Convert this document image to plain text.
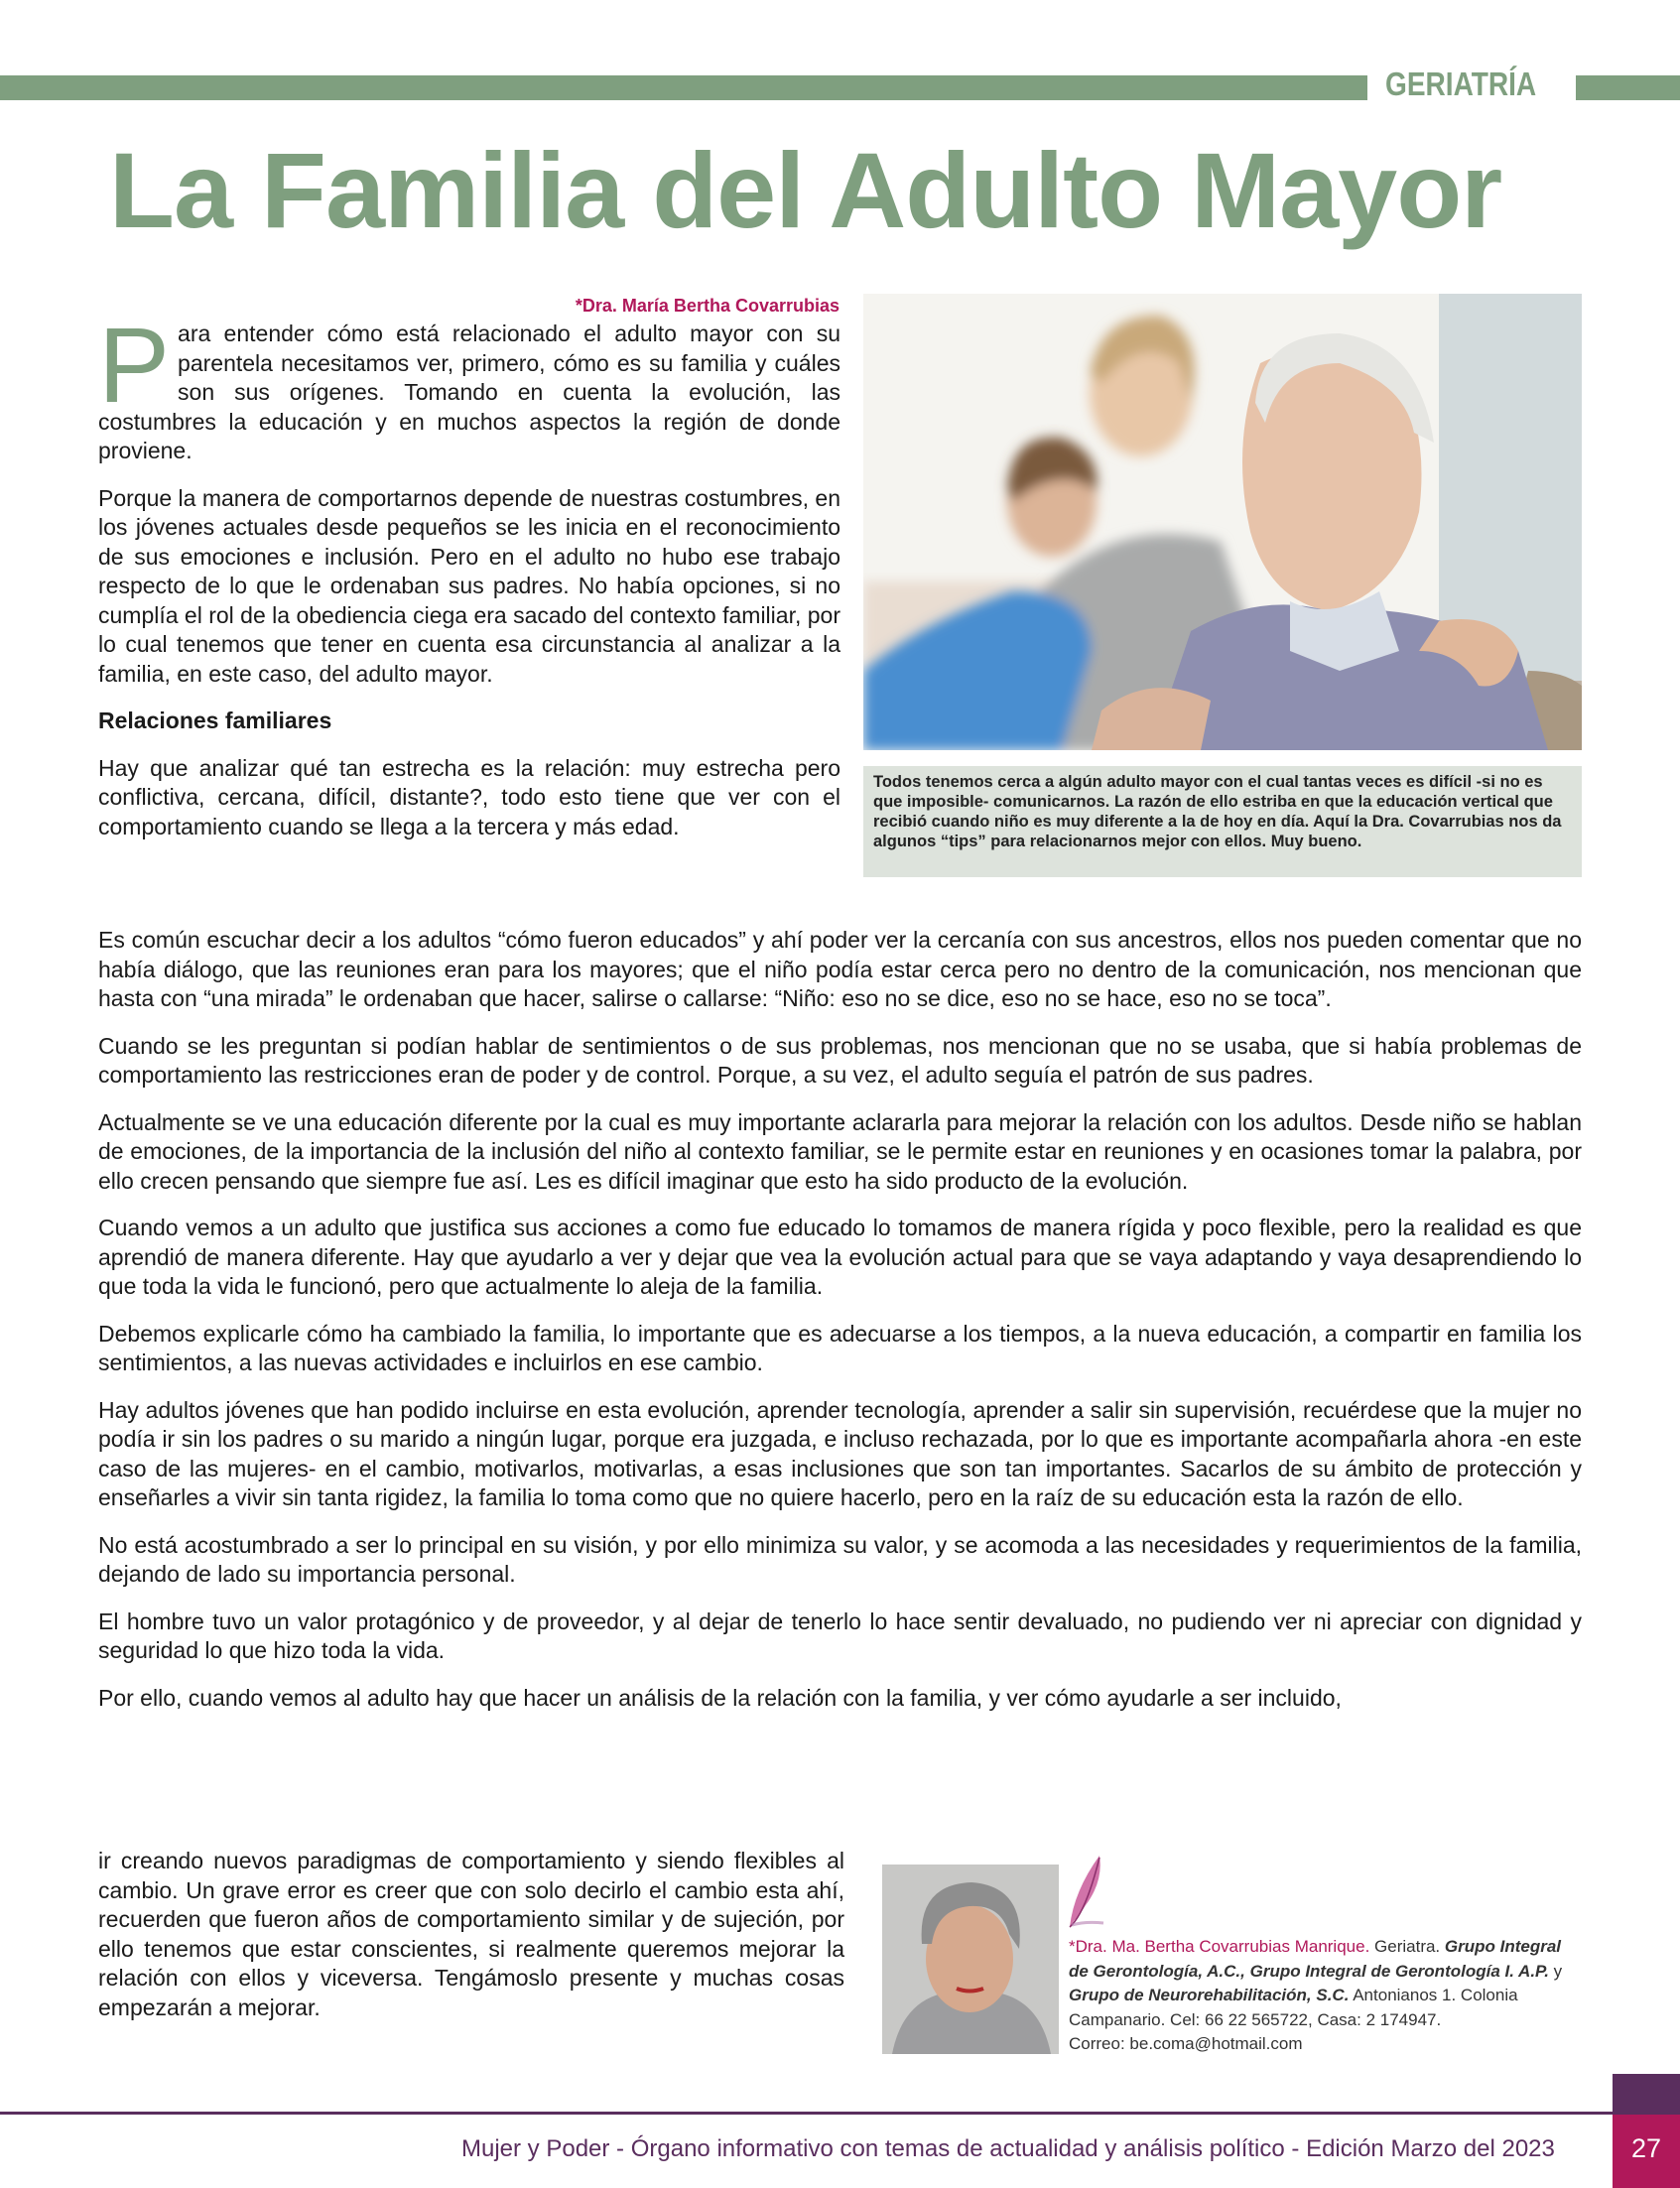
GERIATRÍA
La Familia del Adulto Mayor
*Dra. María Bertha Covarrubias

Para entender cómo está relacionado el adulto mayor con su parentela necesitamos ver, primero, cómo es su familia y cuáles son sus orígenes. Tomando en cuenta la evolución, las costumbres la educación y en muchos aspectos la región de donde proviene.

Porque la manera de comportarnos depende de nuestras costumbres, en los jóvenes actuales desde pequeños se les inicia en el reconocimiento de sus emociones e inclusión. Pero en el adulto no hubo ese trabajo respecto de lo que le ordenaban sus padres. No había opciones, si no cumplía el rol de la obediencia ciega era sacado del contexto familiar, por lo cual tenemos que tener en cuenta esa circunstancia al analizar a la familia, en este caso, del adulto mayor.

Relaciones familiares

Hay que analizar qué tan estrecha es la relación: muy estrecha pero conflictiva, cercana, difícil, distante?, todo esto tiene que ver con el comportamiento cuando se llega a la tercera y más edad.

Todos tenemos cerca a algún adulto mayor con el cual tantas veces es difícil -si no es que imposible- comunicarnos. La razón de ello estriba en que la educación vertical que recibió cuando niño es muy diferente a la de hoy en día. Aquí la Dra. Covarrubias nos da algunos “tips” para relacionarnos mejor con ellos. Muy bueno.

Es común escuchar decir a los adultos “cómo fueron educados” y ahí poder ver la cercanía con sus ancestros, ellos nos pueden comentar que no había diálogo, que las reuniones eran para los mayores; que el niño podía estar cerca pero no dentro de la comunicación, nos mencionan que hasta con “una mirada” le ordenaban que hacer, salirse o callarse: “Niño: eso no se dice, eso no se hace, eso no se toca”.

Cuando se les preguntan si podían hablar de sentimientos o de sus problemas, nos mencionan que no se usaba, que si había problemas de comportamiento las restricciones eran de poder y de control. Porque, a su vez, el adulto seguía el patrón de sus padres.

Actualmente se ve una educación diferente por la cual es muy importante aclararla para mejorar la relación con los adultos. Desde niño se hablan de emociones, de la importancia de la inclusión del niño al contexto familiar, se le permite estar en reuniones y en ocasiones tomar la palabra, por ello crecen pensando que siempre fue así. Les es difícil imaginar que esto ha sido producto de la evolución.

Cuando vemos a un adulto que justifica sus acciones a como fue educado lo tomamos de manera rígida y poco flexible, pero la realidad es que aprendió de manera diferente. Hay que ayudarlo a ver y dejar que vea la evolución actual para que se vaya adaptando y vaya desaprendiendo lo que toda la vida le funcionó, pero que actualmente lo aleja de la familia.

Debemos explicarle cómo ha cambiado la familia, lo importante que es adecuarse a los tiempos, a la nueva educación, a compartir en familia los sentimientos, a las nuevas actividades e incluirlos en ese cambio.

Hay adultos jóvenes que han podido incluirse en esta evolución, aprender tecnología, aprender a salir sin supervisión, recuérdese que la mujer no podía ir sin los padres o su marido a ningún lugar, porque era juzgada, e incluso rechazada, por lo que es importante acompañarla ahora -en este caso de las mujeres- en el cambio, motivarlos, motivarlas, a esas inclusiones que son tan importantes. Sacarlos de su ámbito de protección y enseñarles a vivir sin tanta rigidez, la familia lo toma como que no quiere hacerlo, pero en la raíz de su educación esta la razón de ello.

No está acostumbrado a ser lo principal en su visión, y por ello minimiza su valor, y se acomoda a las necesidades y requerimientos de la familia, dejando de lado su importancia personal.

El hombre tuvo un valor protagónico y de proveedor, y al dejar de tenerlo lo hace sentir devaluado, no pudiendo ver ni apreciar con dignidad y seguridad lo que hizo toda la vida.

Por ello, cuando vemos al adulto hay que hacer un análisis de la relación con la familia, y ver cómo ayudarle a ser incluido,

ir creando nuevos paradigmas de comportamiento y siendo flexibles al cambio. Un grave error es creer que con solo decirlo el cambio esta ahí, recuerden que fueron años de comportamiento similar y de sujeción, por ello tenemos que estar conscientes, si realmente queremos mejorar la relación con ellos y viceversa. Tengámoslo presente y muchas cosas empezarán a mejorar.
*Dra. Ma. Bertha Covarrubias Manrique. Geriatra. Grupo Integral de Gerontología, A.C., Grupo Integral de Gerontología I. A.P. y Grupo de Neurorehabilitación, S.C. Antonianos 1. Colonia Campanario. Cel: 66 22 565722, Casa: 2 174947.
Correo: be.coma@hotmail.com
27
Mujer y Poder - Órgano informativo con temas de actualidad y análisis político - Edición Marzo del 2023
